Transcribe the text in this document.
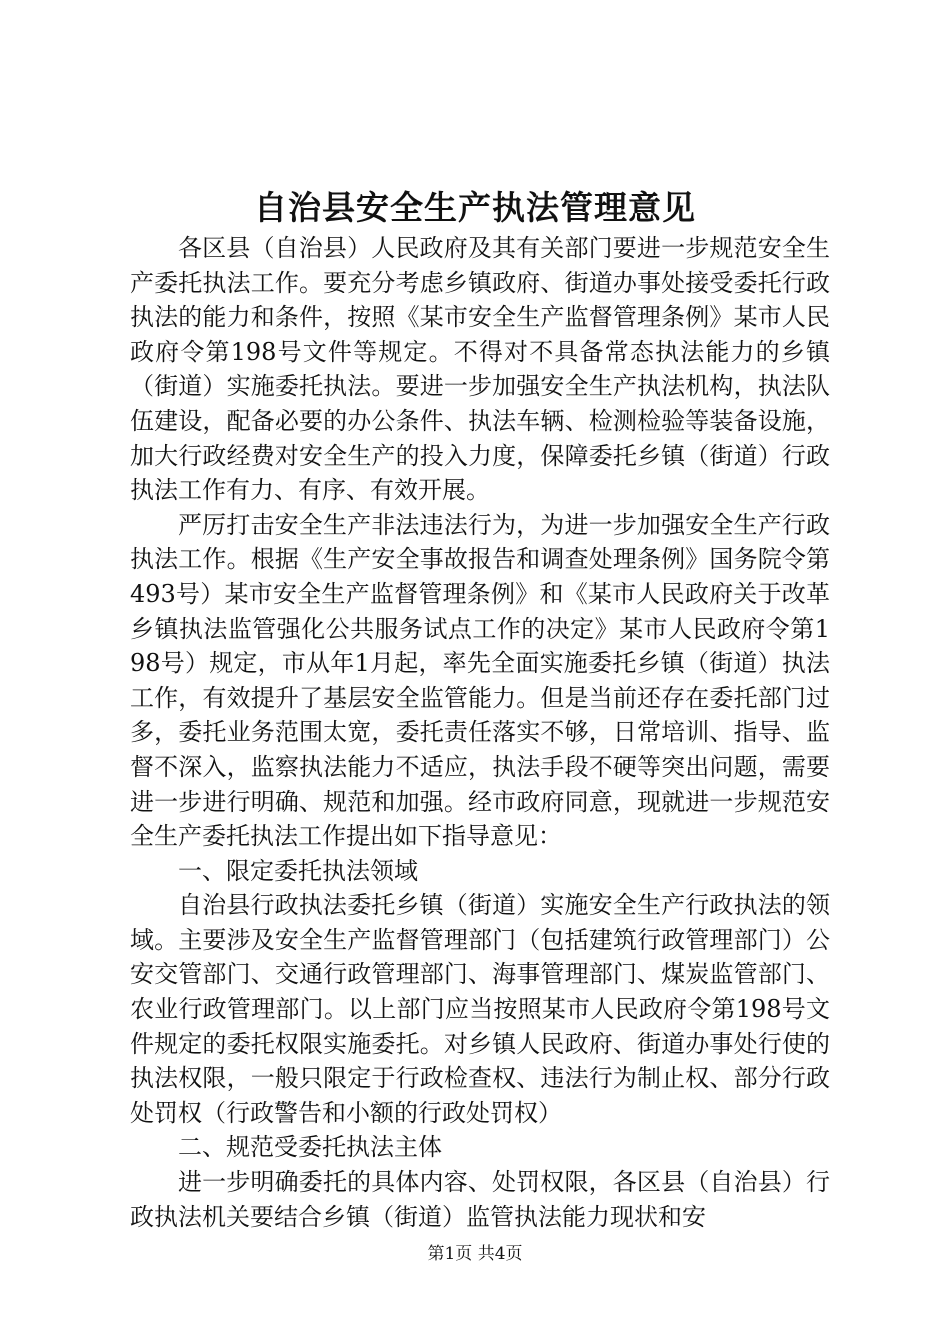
自治县安全生产执法管理意见

各区县（自治县）人民政府及其有关部门要进一步规范安全生产委托执法工作。要充分考虑乡镇政府、街道办事处接受委托行政执法的能力和条件，按照《某市安全生产监督管理条例》某市人民政府令第198号文件等规定。不得对不具备常态执法能力的乡镇（街道）实施委托执法。要进一步加强安全生产执法机构，执法队伍建设，配备必要的办公条件、执法车辆、检测检验等装备设施，加大行政经费对安全生产的投入力度，保障委托乡镇（街道）行政执法工作有力、有序、有效开展。

严厉打击安全生产非法违法行为，为进一步加强安全生产行政执法工作。根据《生产安全事故报告和调查处理条例》国务院令第493号）某市安全生产监督管理条例》和《某市人民政府关于改革乡镇执法监管强化公共服务试点工作的决定》某市人民政府令第198号）规定，市从年1月起，率先全面实施委托乡镇（街道）执法工作，有效提升了基层安全监管能力。但是当前还存在委托部门过多，委托业务范围太宽，委托责任落实不够，日常培训、指导、监督不深入，监察执法能力不适应，执法手段不硬等突出问题，需要进一步进行明确、规范和加强。经市政府同意，现就进一步规范安全生产委托执法工作提出如下指导意见：

一、限定委托执法领域

自治县行政执法委托乡镇（街道）实施安全生产行政执法的领域。主要涉及安全生产监督管理部门（包括建筑行政管理部门）公安交管部门、交通行政管理部门、海事管理部门、煤炭监管部门、农业行政管理部门。以上部门应当按照某市人民政府令第198号文件规定的委托权限实施委托。对乡镇人民政府、街道办事处行使的执法权限，一般只限定于行政检查权、违法行为制止权、部分行政处罚权（行政警告和小额的行政处罚权）

二、规范受委托执法主体

进一步明确委托的具体内容、处罚权限，各区县（自治县）行政执法机关要结合乡镇（街道）监管执法能力现状和安

第1页 共4页
